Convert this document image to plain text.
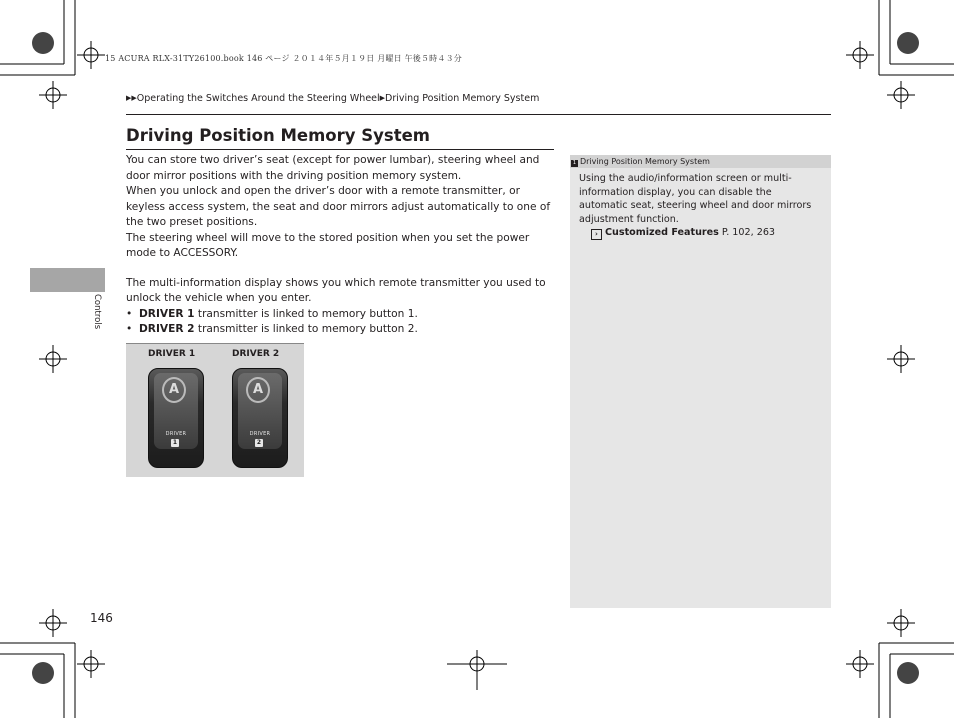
15 ACURA RLX-31TY26100.book 146 ページ ２０１４年５月１９日 月曜日 午後５時４３分
▶▶Operating the Switches Around the Steering Wheel▶Driving Position Memory System
Driving Position Memory System

You can store two driver’s seat (except for power lumbar), steering wheel and door mirror positions with the driving position memory system.

When you unlock and open the driver’s door with a remote transmitter, or keyless access system, the seat and door mirrors adjust automatically to one of the two preset positions.

The steering wheel will move to the stored position when you set the power mode to ACCESSORY.

The multi-information display shows you which remote transmitter you used to unlock the vehicle when you enter.

• DRIVER 1 transmitter is linked to memory button 1.
• DRIVER 2 transmitter is linked to memory button 2.
DRIVER 1	DRIVER 2
A
DRIVER
1
A
DRIVER
2
1 Driving Position Memory System

Using the audio/information screen or multi-information display, you can disable the automatic seat, steering wheel and door mirrors adjustment function.

› Customized Features P. 102, 263

Controls
146
